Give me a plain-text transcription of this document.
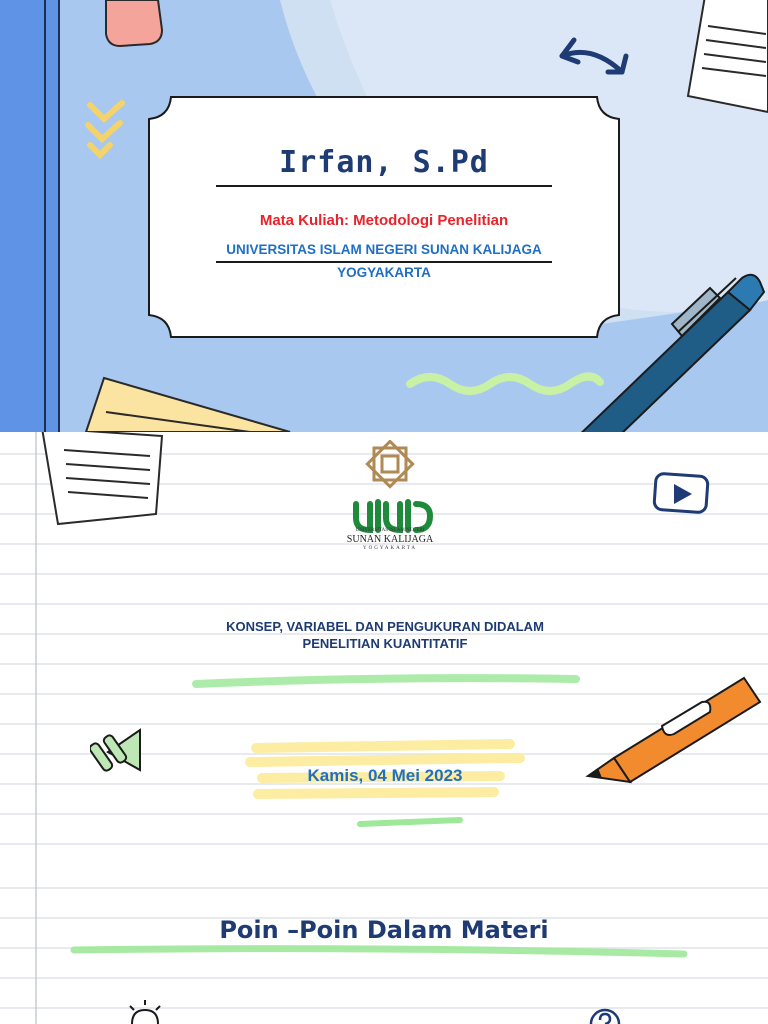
Irfan, S.Pd
Mata Kuliah: Metodologi Penelitian
UNIVERSITAS ISLAM NEGERI SUNAN KALIJAGA
YOGYAKARTA
UNIVERSITAS ISLAM NEGERI
SUNAN KALIJAGA
YOGYAKARTA
KONSEP, VARIABEL DAN PENGUKURAN DIDALAM
PENELITIAN KUANTITATIF
Kamis, 04 Mei 2023
Poin –Poin Dalam Materi
